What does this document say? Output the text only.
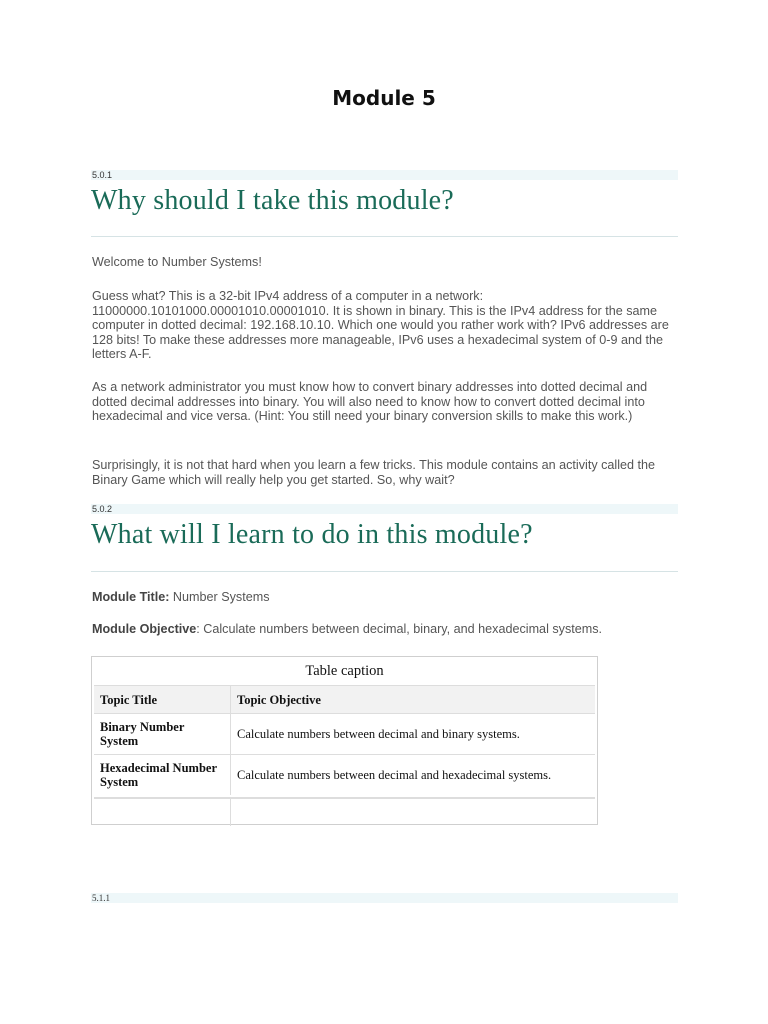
Module 5
5.0.1
Why should I take this module?

Welcome to Number Systems!

Guess what? This is a 32-bit IPv4 address of a computer in a network: 11000000.10101000.00001010.00001010. It is shown in binary. This is the IPv4 address for the same computer in dotted decimal: 192.168.10.10. Which one would you rather work with? IPv6 addresses are 128 bits! To make these addresses more manageable, IPv6 uses a hexadecimal system of 0-9 and the letters A-F.

As a network administrator you must know how to convert binary addresses into dotted decimal and dotted decimal addresses into binary. You will also need to know how to convert dotted decimal into hexadecimal and vice versa. (Hint: You still need your binary conversion skills to make this work.)

Surprisingly, it is not that hard when you learn a few tricks. This module contains an activity called the Binary Game which will really help you get started. So, why wait?

5.0.2
What will I learn to do in this module?

Module Title: Number Systems

Module Objective: Calculate numbers between decimal, binary, and hexadecimal systems.

Table caption
Topic Title	Topic Objective
Binary Number System	Calculate numbers between decimal and binary systems.
Hexadecimal Number System	Calculate numbers between decimal and hexadecimal systems.
5.1.1
